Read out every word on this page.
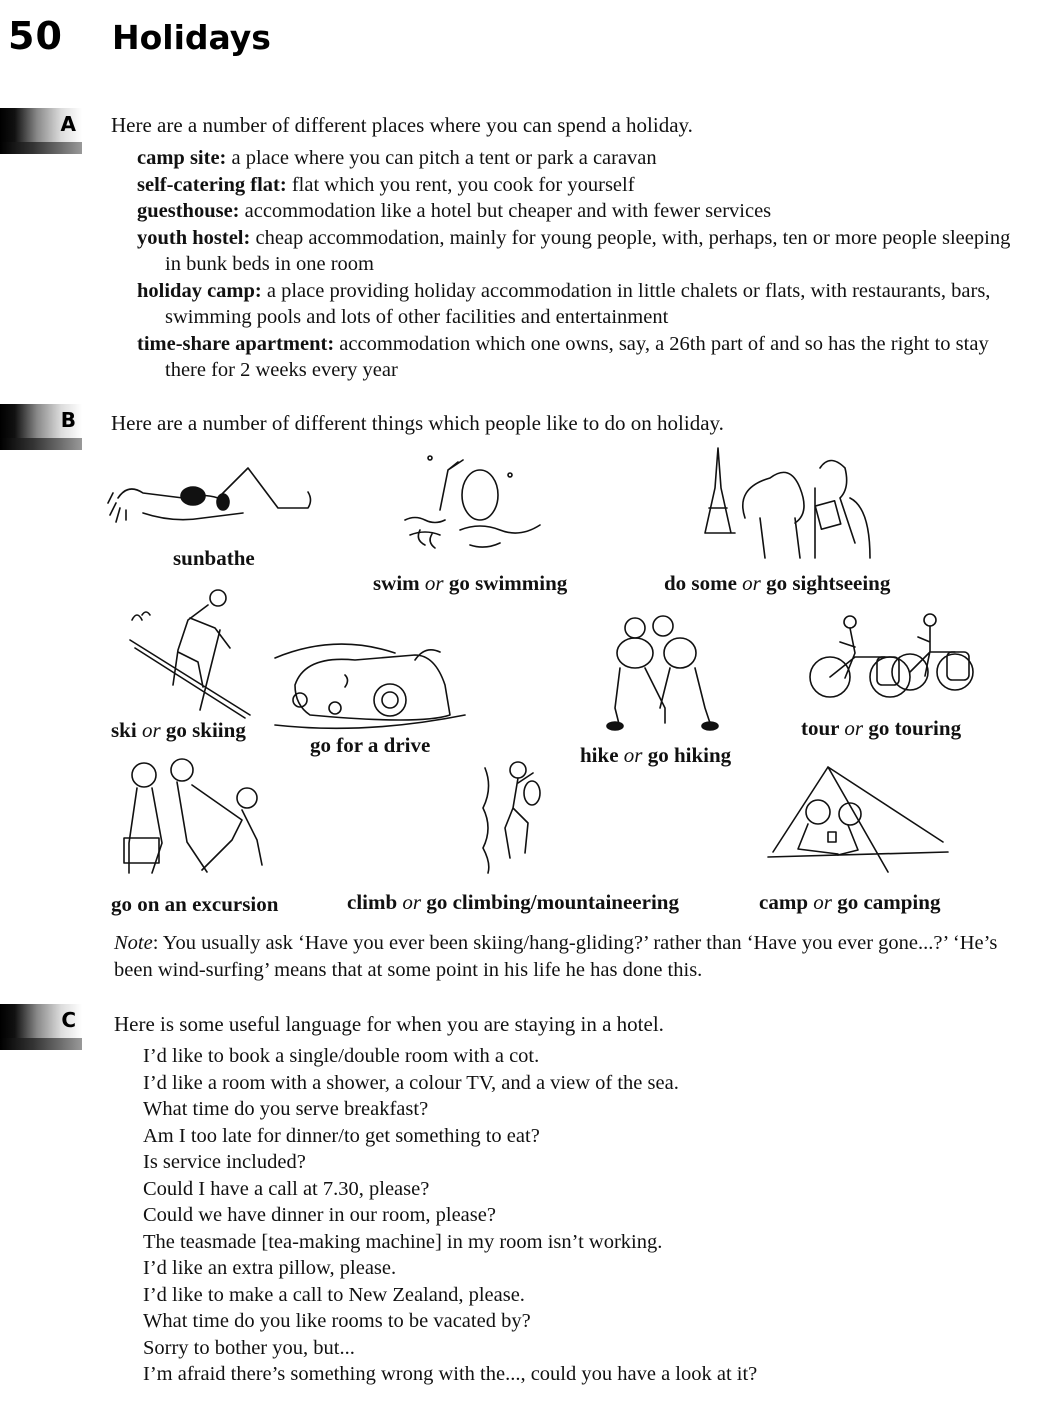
50 Holidays
A Here are a number of different places where you can spend a holiday.
camp site: a place where you can pitch a tent or park a caravan
self-catering flat: flat which you rent, you cook for yourself
guesthouse: accommodation like a hotel but cheaper and with fewer services
youth hostel: cheap accommodation, mainly for young people, with, perhaps, ten or more people sleeping in bunk beds in one room
holiday camp: a place providing holiday accommodation in little chalets or flats, with restaurants, bars, swimming pools and lots of other facilities and entertainment
time-share apartment: accommodation which one owns, say, a 26th part of and so has the right to stay there for 2 weeks every year
B Here are a number of different things which people like to do on holiday.
sunbathe
swim or go swimming	do some or go sightseeing
ski or go skiing
go for a drive	hike or go hiking
tour or go touring
go on an excursion	climb or go climbing/mountaineering	camp or go camping
Note: You usually ask ‘Have you ever been skiing/hang-gliding?’ rather than ‘Have you ever gone...?’ ‘He’s been wind-surfing’ means that at some point in his life he has done this.
C Here is some useful language for when you are staying in a hotel.
I’d like to book a single/double room with a cot.
I’d like a room with a shower, a colour TV, and a view of the sea.
What time do you serve breakfast?
Am I too late for dinner/to get something to eat?
Is service included?
Could I have a call at 7.30, please?
Could we have dinner in our room, please?
The teasmade [tea-making machine] in my room isn’t working.
I’d like an extra pillow, please.
I’d like to make a call to New Zealand, please.
What time do you like rooms to be vacated by?
Sorry to bother you, but...
I’m afraid there’s something wrong with the..., could you have a look at it?
